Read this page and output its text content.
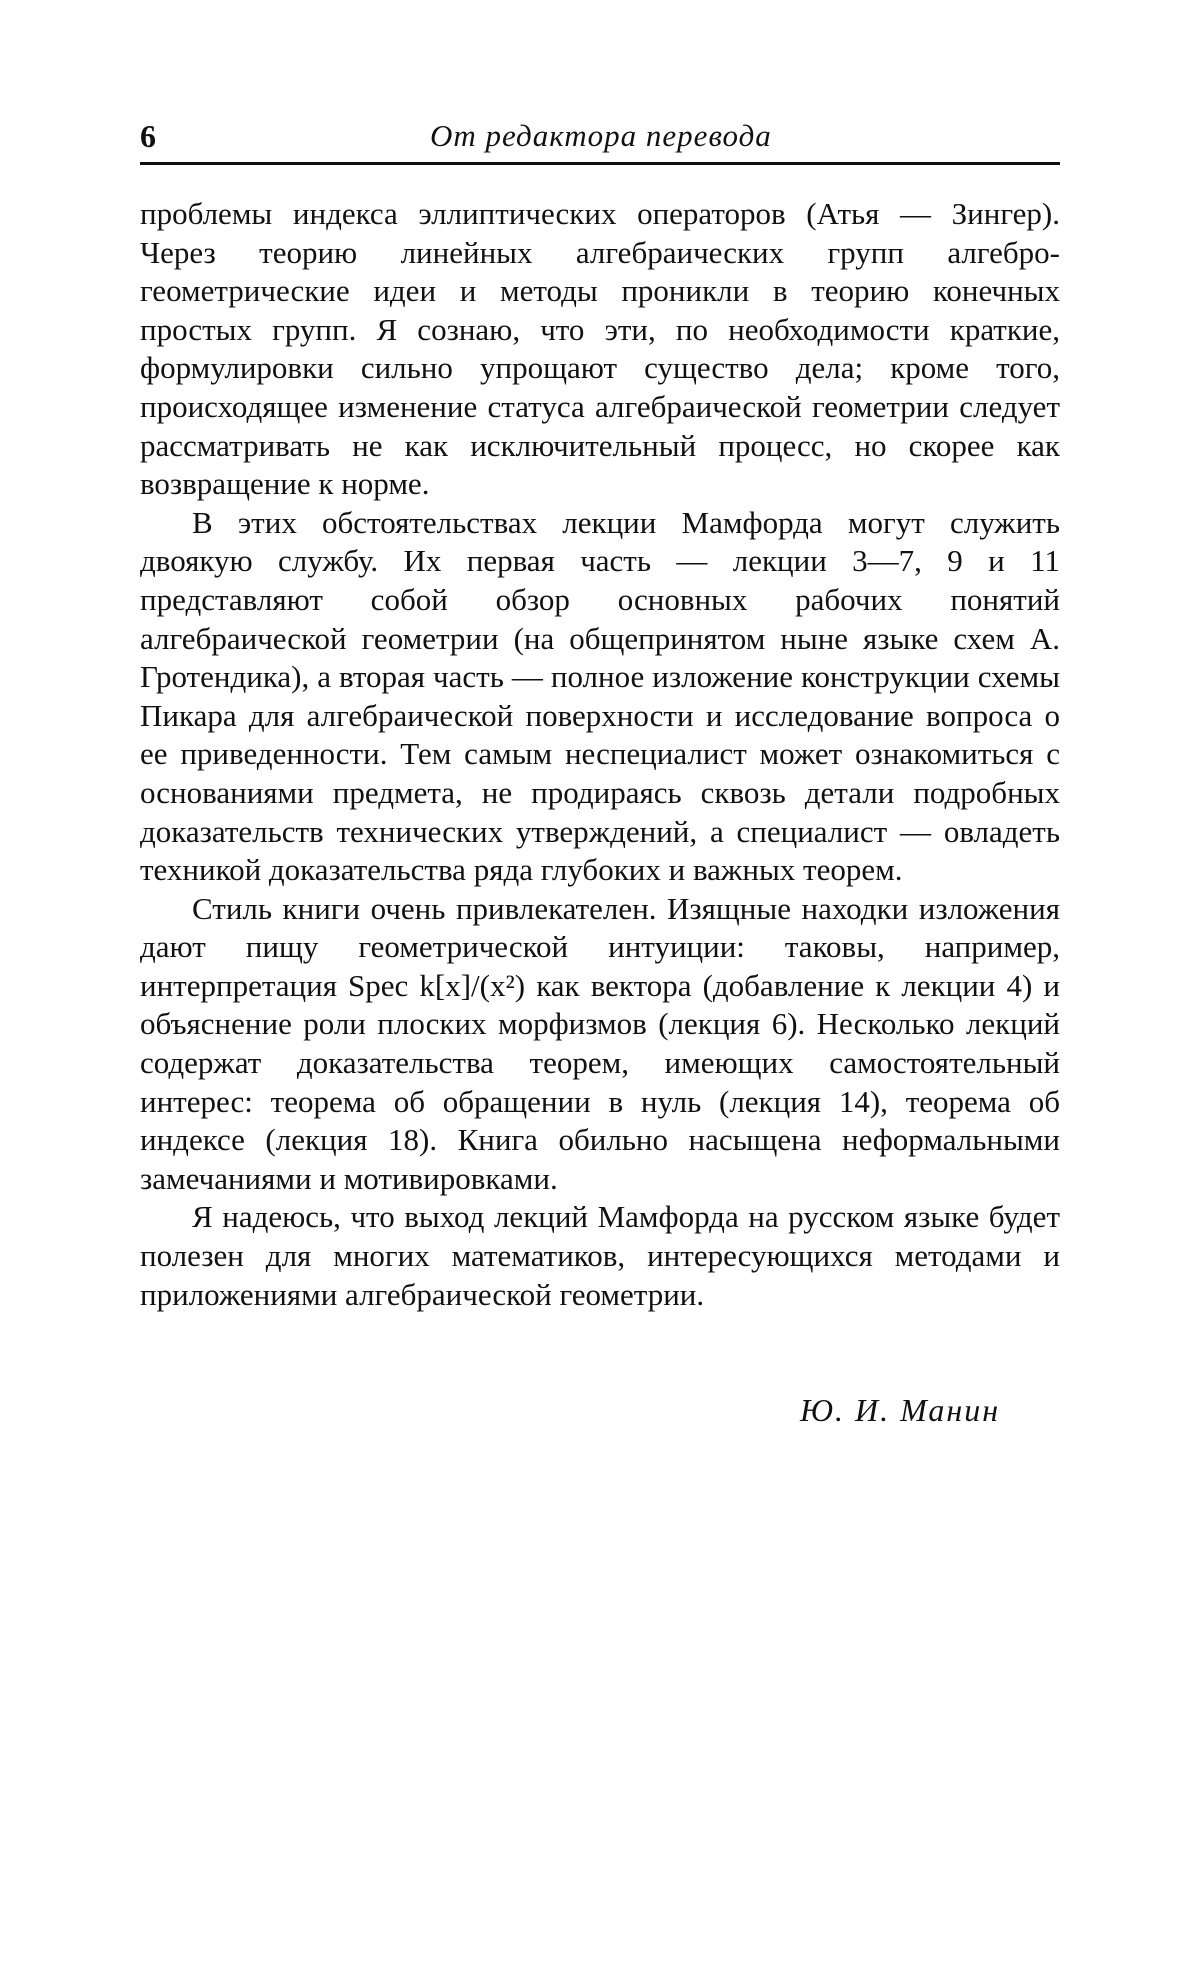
6	От редактора перевода

проблемы индекса эллиптических операторов (Атья — Зингер). Через теорию линейных алгебраических групп алгебро-геометрические идеи и методы проникли в теорию конечных простых групп. Я сознаю, что эти, по необходимости краткие, формулировки сильно упрощают существо дела; кроме того, происходящее изменение статуса алгебраической геометрии следует рассматривать не как исключительный процесс, но скорее как возвращение к норме.

В этих обстоятельствах лекции Мамфорда могут служить двоякую службу. Их первая часть — лекции 3—7, 9 и 11 представляют собой обзор основных рабочих понятий алгебраической геометрии (на общепринятом ныне языке схем А. Гротендика), а вторая часть — полное изложение конструкции схемы Пикара для алгебраической поверхности и исследование вопроса о ее приведенности. Тем самым неспециалист может ознакомиться с основаниями предмета, не продираясь сквозь детали подробных доказательств технических утверждений, а специалист — овладеть техникой доказательства ряда глубоких и важных теорем.

Стиль книги очень привлекателен. Изящные находки изложения дают пищу геометрической интуиции: таковы, например, интерпретация Spec k[x]/(x²) как вектора (добавление к лекции 4) и объяснение роли плоских морфизмов (лекция 6). Несколько лекций содержат доказательства теорем, имеющих самостоятельный интерес: теорема об обращении в нуль (лекция 14), теорема об индексе (лекция 18). Книга обильно насыщена неформальными замечаниями и мотивировками.

Я надеюсь, что выход лекций Мамфорда на русском языке будет полезен для многих математиков, интересующихся методами и приложениями алгебраической геометрии.

Ю. И. Манин
